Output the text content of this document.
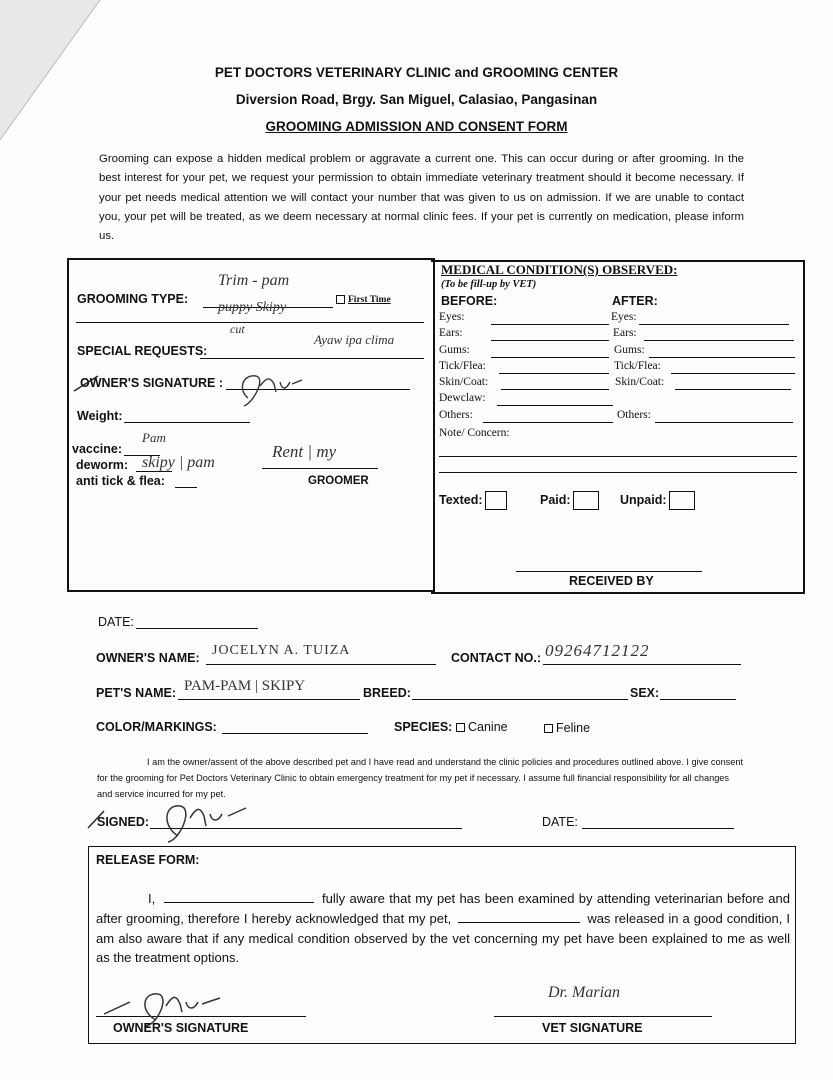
PET DOCTORS VETERINARY CLINIC and GROOMING CENTER
Diversion Road, Brgy. San Miguel, Calasiao, Pangasinan
GROOMING ADMISSION AND CONSENT FORM
Grooming can expose a hidden medical problem or aggravate a current one. This can occur during or after grooming. In the best interest for your pet, we request your permission to obtain immediate veterinary treatment should it become necessary. If your pet needs medical attention we will contact your number that was given to us on admission. If we are unable to contact you, your pet will be treated, as we deem necessary at normal clinic fees. If your pet is currently on medication, please inform us.
GROOMING TYPE:
Trim - pam
puppy Skipy
cut
First Time
SPECIAL REQUESTS:
Ayaw ipa clima
OWNER'S SIGNATURE :
Weight:
vaccine:
Pam
deworm: skipy | pam
anti tick & flea:
Rent | my
GROOMER
MEDICAL CONDITION(S) OBSERVED:
(To be fill-up by VET)
BEFORE:	AFTER:
Eyes:	Eyes:
Ears:	Ears:
Gums:	Gums:
Tick/Flea:	Tick/Flea:
Skin/Coat:	Skin/Coat:
Dewclaw:
Others:	Others:
Note/ Concern:
Texted:	Paid:	Unpaid:
RECEIVED BY
DATE:
OWNER'S NAME: JOCELYN A. TUIZA	CONTACT NO.: 09264712122
PET'S NAME: PAM-PAM | SKIPY	BREED:	SEX:
COLOR/MARKINGS:	SPECIES:	Canine	Feline
I am the owner/assent of the above described pet and I have read and understand the clinic policies and procedures outlined above. I give consent for the grooming for Pet Doctors Veterinary Clinic to obtain emergency treatment for my pet if necessary. I assume full financial responsibility for all changes and service incurred for my pet.
SIGNED:	DATE:
RELEASE FORM:
I,	fully aware that my pet has been examined by attending veterinarian before and after grooming, therefore I hereby acknowledged that my pet,	was released in a good condition, I am also aware that if any medical condition observed by the vet concerning my pet have been explained to me as well as the treatment options.
OWNER'S SIGNATURE
Dr. Marian
VET SIGNATURE
